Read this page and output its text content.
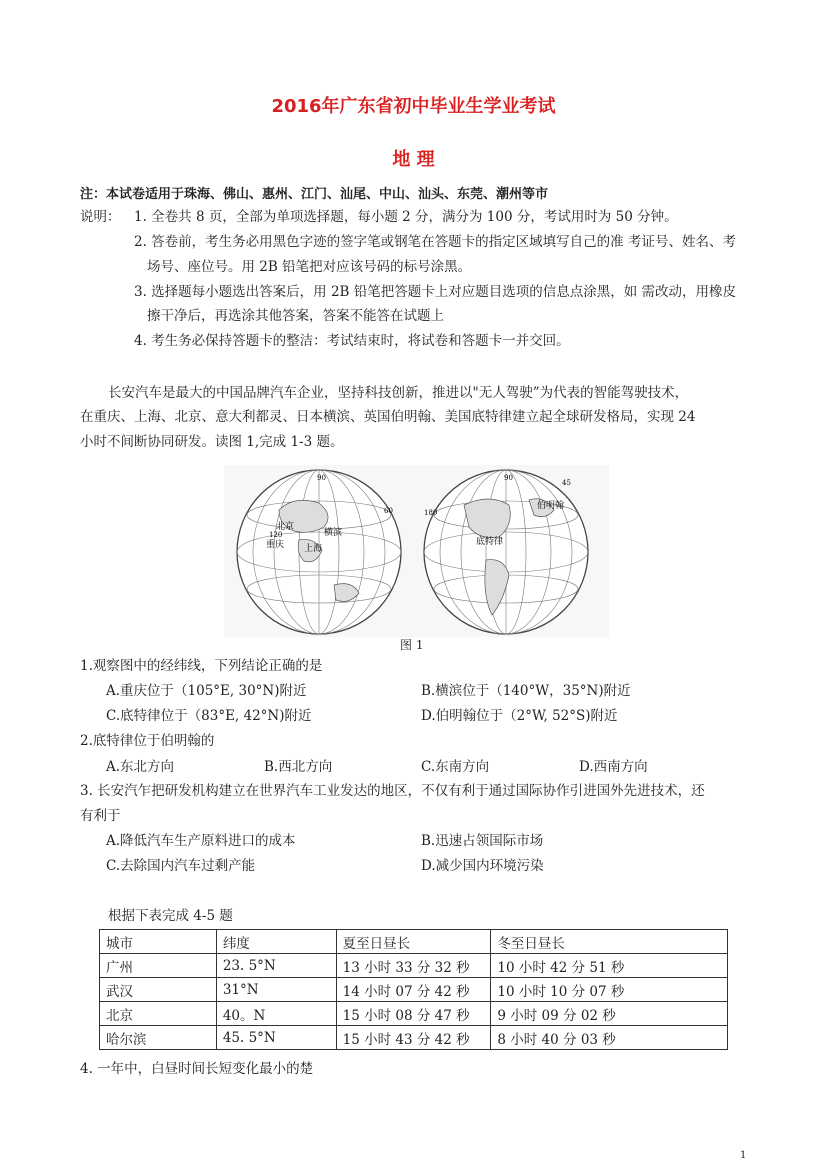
2016年广东省初中毕业生学业考试
地 理
注：本试卷适用于珠海、佛山、惠州、江门、汕尾、中山、汕头、东莞、潮州等市
说明： 1. 全卷共 8 页，全部为单项选择题，每小题 2 分，满分为 100 分，考试用时为 50 分钟。
2. 答卷前，考生务必用黑色字迹的签字笔或钢笔在答题卡的指定区域填写自己的准 考证号、姓名、考
场号、座位号。用 2B 铅笔把对应该号码的标号涂黑。
3. 选择题每小题选出答案后，用 2B 铅笔把答题卡上对应题目选项的信息点涂黑，如 需改动，用橡皮
擦干净后，再选涂其他答案，答案不能答在试题上
4. 考生务必保持答题卡的整洁：考试结束时，将试卷和答题卡一并交回。
长安汽车是最大的中国品牌汽车企业，坚持科技创新，推进以"无人驾驶”为代表的智能驾驶技术，
在重庆、上海、北京、意大利都灵、日本横滨、英国伯明翰、美国底特律建立起全球研发格局，实现 24
小时不间断协同研发。读图 1,完成 1-3 题。
90
120
60
北京
重庆
横滨
上海
45
180
90
底特律
伯明翰
图 1
1.观察图中的经纬线，下列结论正确的是
A.重庆位于（105°E, 30°N)附近	B.横滨位于（140°W，35°N)附近
C.底特律位于（83°E, 42°N)附近	D.伯明翰位于（2°W, 52°S)附近
2.底特律位于伯明翰的
A.东北方向	B.西北方向	C.东南方向	D.西南方向
3. 长安汽乍把研发机构建立在世界汽车工业发达的地区，不仅有利于通过国际协作引进国外先进技术，还
有利于
A.降低汽车生产原料进口的成本	B.迅速占领国际市场
C.去除国内汽车过剩产能	D.减少国内环境污染
根据下表完成 4-5 题
城市	纬度	夏至日昼长	冬至日昼长
广州	23. 5°N	13 小时 33 分 32 秒	10 小时 42 分 51 秒
武汉	31°N	14 小时 07 分 42 秒	10 小时 10 分 07 秒
北京	40。N	15 小时 08 分 47 秒	9 小时 09 分 02 秒
哈尔滨	45. 5°N	15 小时 43 分 42 秒	8 小时 40 分 03 秒
4. 一年中，白昼时间长短变化最小的楚
1
